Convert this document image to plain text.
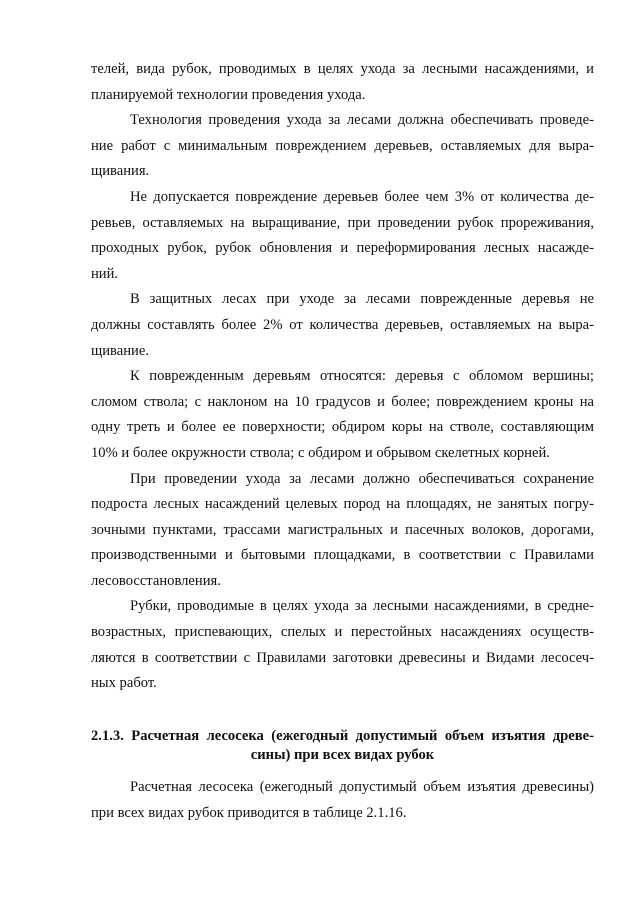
телей, вида рубок, проводимых в целях ухода за лесными насаждениями, и
планируемой технологии проведения ухода.
Технология проведения ухода за лесами должна обеспечивать проведе-
ние работ с минимальным повреждением деревьев, оставляемых для выра-
щивания.
Не допускается повреждение деревьев более чем 3% от количества де-
ревьев, оставляемых на выращивание, при проведении рубок прореживания,
проходных рубок, рубок обновления и переформирования лесных насажде-
ний.
В защитных лесах при уходе за лесами поврежденные деревья не
должны составлять более 2% от количества деревьев, оставляемых на выра-
щивание.
К поврежденным деревьям относятся: деревья с обломом вершины;
сломом ствола; с наклоном на 10 градусов и более; повреждением кроны на
одну треть и более ее поверхности; обдиром коры на стволе, составляющим
10% и более окружности ствола; с обдиром и обрывом скелетных корней.
При проведении ухода за лесами должно обеспечиваться сохранение
подроста лесных насаждений целевых пород на площадях, не занятых погру-
зочными пунктами, трассами магистральных и пасечных волоков, дорогами,
производственными и бытовыми площадками, в соответствии с Правилами
лесовосстановления.
Рубки, проводимые в целях ухода за лесными насаждениями, в средне-
возрастных, приспевающих, спелых и перестойных насаждениях осуществ-
ляются в соответствии с Правилами заготовки древесины и Видами лесосеч-
ных работ.
2.1.3. Расчетная лесосека (ежегодный допустимый объем изъятия древе-
сины) при всех видах рубок
Расчетная лесосека (ежегодный допустимый объем изъятия древесины)
при всех видах рубок приводится в таблице 2.1.16.
